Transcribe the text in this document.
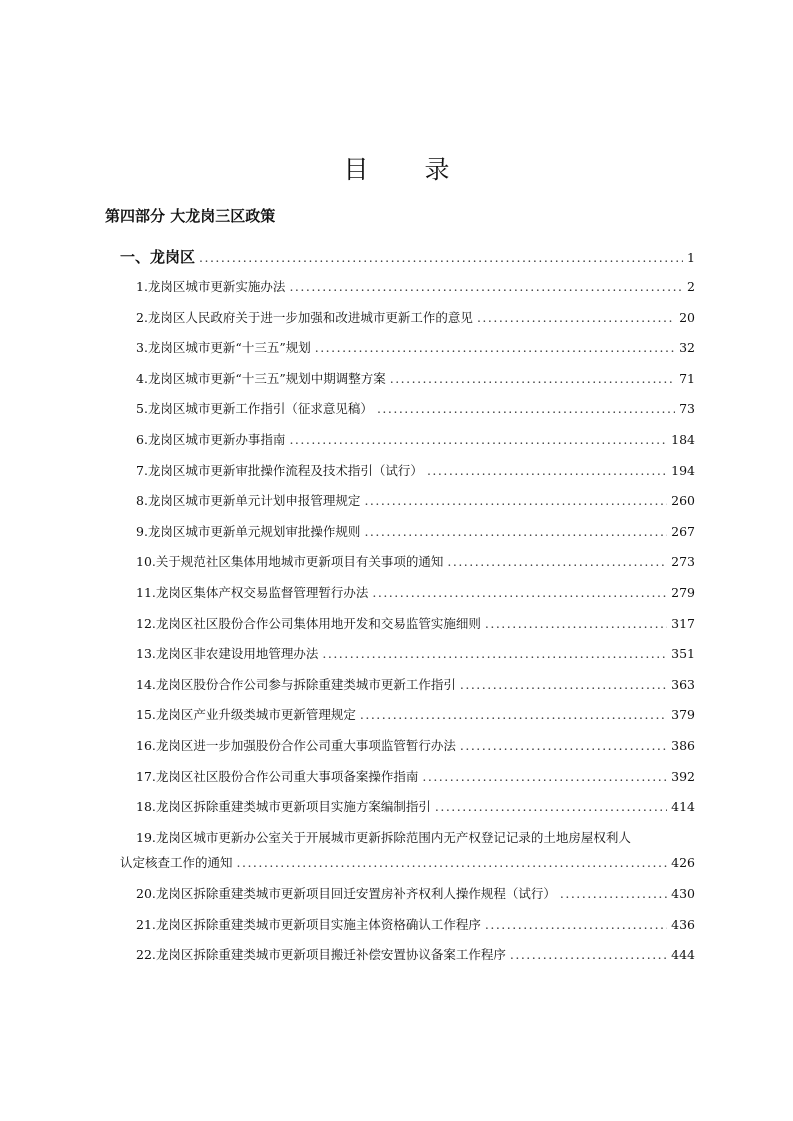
目 录
第四部分 大龙岗三区政策
一、龙岗区 .....	1
1.龙岗区城市更新实施办法 .....	2
2.龙岗区人民政府关于进一步加强和改进城市更新工作的意见 .....	20
3.龙岗区城市更新“十三五”规划 .....	32
4.龙岗区城市更新“十三五”规划中期调整方案 .....	71
5.龙岗区城市更新工作指引（征求意见稿） .....	73
6.龙岗区城市更新办事指南 .....	184
7.龙岗区城市更新审批操作流程及技术指引（试行） .....	194
8.龙岗区城市更新单元计划申报管理规定 .....	260
9.龙岗区城市更新单元规划审批操作规则 .....	267
10.关于规范社区集体用地城市更新项目有关事项的通知 .....	273
11.龙岗区集体产权交易监督管理暂行办法 .....	279
12.龙岗区社区股份合作公司集体用地开发和交易监管实施细则 .....	317
13.龙岗区非农建设用地管理办法 .....	351
14.龙岗区股份合作公司参与拆除重建类城市更新工作指引 .....	363
15.龙岗区产业升级类城市更新管理规定 .....	379
16.龙岗区进一步加强股份合作公司重大事项监管暂行办法 .....	386
17.龙岗区社区股份合作公司重大事项备案操作指南 .....	392
18.龙岗区拆除重建类城市更新项目实施方案编制指引 .....	414
19.龙岗区城市更新办公室关于开展城市更新拆除范围内无产权登记记录的土地房屋权利人
认定核查工作的通知 .....	426
20.龙岗区拆除重建类城市更新项目回迁安置房补齐权利人操作规程（试行） .....	430
21.龙岗区拆除重建类城市更新项目实施主体资格确认工作程序 .....	436
22.龙岗区拆除重建类城市更新项目搬迁补偿安置协议备案工作程序 .....	444
